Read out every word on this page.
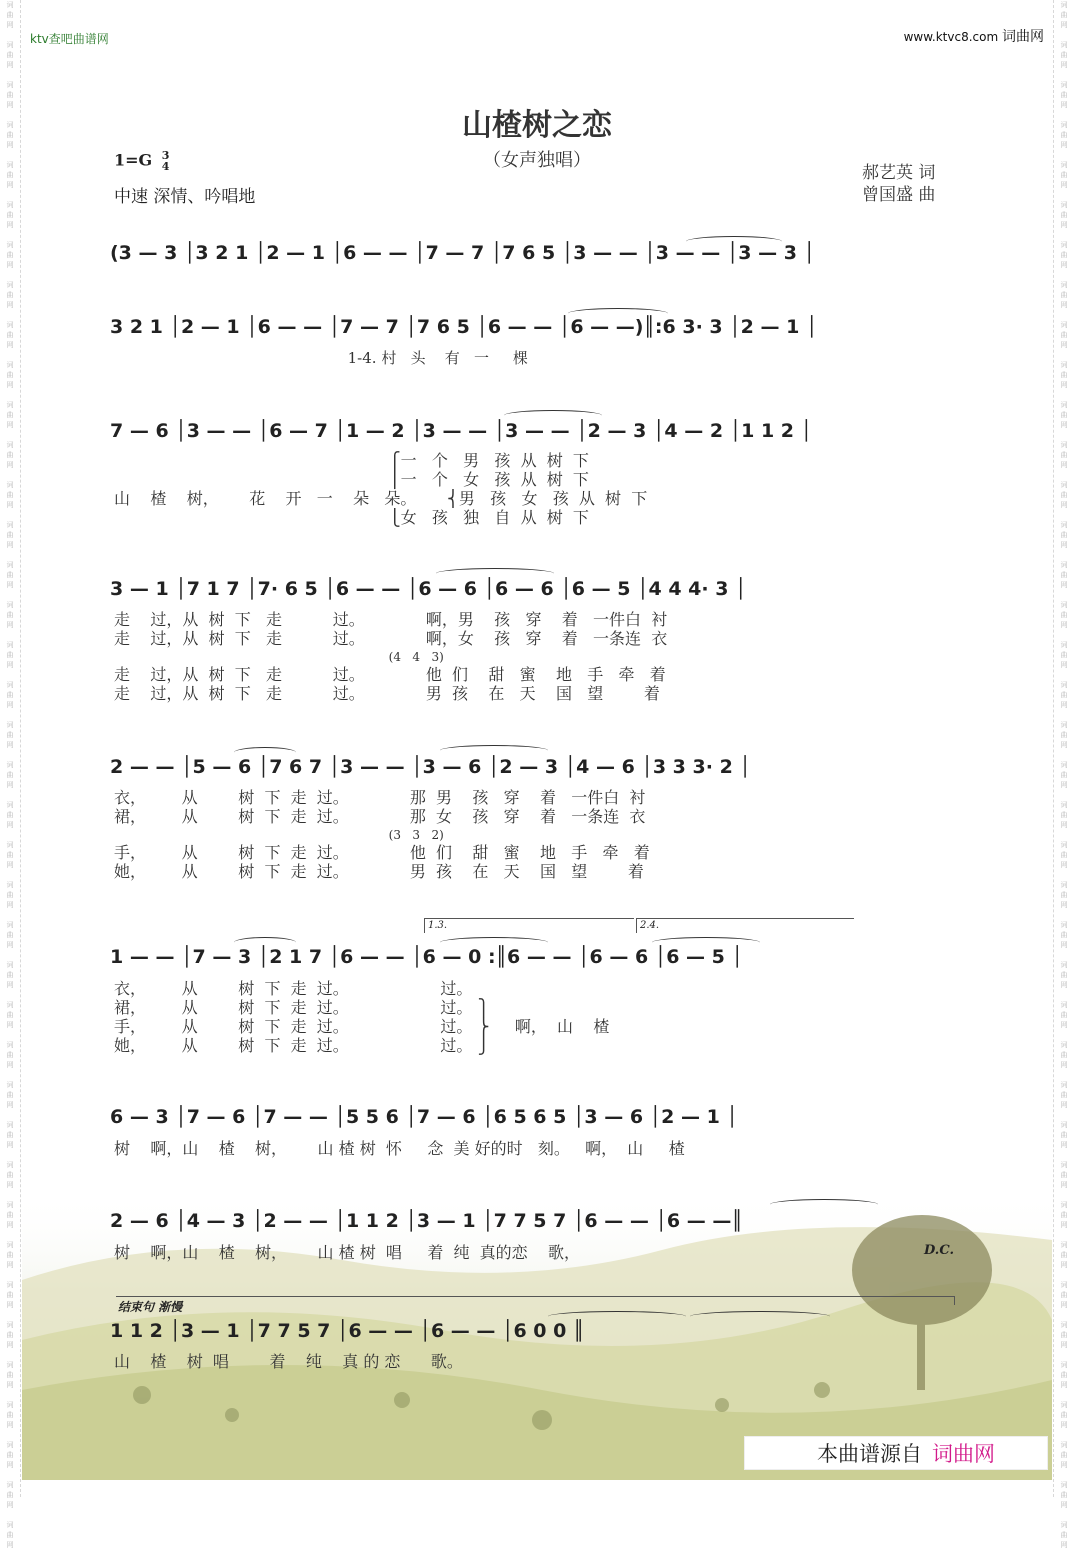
词
曲
网

词
曲
网

词
曲
网

词
曲
网

词
曲
网

词
曲
网

词
曲
网

词
曲
网

词
曲
网

词
曲
网

词
曲
网

词
曲
网

词
曲
网

词
曲
网

词
曲
网

词
曲
网

词
曲
网

词
曲
网

词
曲
网

词
曲
网

词
曲
网

词
曲
网

词
曲
网

词
曲
网

词
曲
网

词
曲
网

词
曲
网

词
曲
网

词
曲
网

词
曲
网

词
曲
网

词
曲
网

词
曲
网

词
曲
网

词
曲
网

词
曲
网

词
曲
网

词
曲
网

词
曲
网
词
曲
网

词
曲
网

词
曲
网

词
曲
网

词
曲
网

词
曲
网

词
曲
网

词
曲
网

词
曲
网

词
曲
网

词
曲
网

词
曲
网

词
曲
网

词
曲
网

词
曲
网

词
曲
网

词
曲
网

词
曲
网

词
曲
网

词
曲
网

词
曲
网

词
曲
网

词
曲
网

词
曲
网

词
曲
网

词
曲
网

词
曲
网

词
曲
网

词
曲
网

词
曲
网

词
曲
网

词
曲
网

词
曲
网

词
曲
网

词
曲
网

词
曲
网

词
曲
网

词
曲
网

词
曲
网
ktv查吧曲谱网	www.ktvc8.com 词曲网
山楂树之恋
（女声独唱）
1=G 3
4
中速 深情、吟唱地
郝艺英 词
曾国盛 曲
(3 — 3 │3 2 1 │2 — 1 │6 — — │7 — 7 │7 6 5 │3 — — │3 — — │3 — 3 │
3 2 1 │2 — 1 │6 — — │7 — 7 │7 6 5 │6 — — │6 — —)║:6 3· 3 │2 — 1 │
1-4. 村   头    有   一     棵
7 — 6 │3 — — │6 — 7 │1 — 2 │3 — — │3 — — │2 — 3 │4 — 2 │1 1 2 │
⎧一   个   男   孩  从  树  下
⎪一   个   女   孩  从  树  下
山    楂    树，      花    开   一    朵   朵。      ⎨男   孩   女   孩  从  树  下
⎩女   孩   独   自  从  树  下
3 — 1 │7 1 7 │7· 6 5 │6 — — │6 — 6 │6 — 6 │6 — 5 │4 4 4· 3 │
走    过，从  树  下   走          过。            啊，男    孩   穿    着   一件白  衬
走    过，从  树  下   走          过。            啊，女    孩   穿    着   一条连  衣
(4   4   3)
走    过，从  树  下   走          过。            他  们    甜   蜜    地   手   牵   着
走    过，从  树  下   走          过。            男  孩    在   天    国   望        着
2 — — │5 — 6 │7 6 7 │3 — — │3 — 6 │2 — 3 │4 — 6 │3 3 3· 2 │
衣，       从        树  下  走  过。            那  男    孩   穿    着   一件白  衬
裙，       从        树  下  走  过。            那  女    孩   穿    着   一条连  衣
(3   3   2)
手，       从        树  下  走  过。            他  们    甜   蜜    地   手   牵   着
她，       从        树  下  走  过。            男  孩    在   天    国   望        着
1.3.	2.4.
1 — — │7 — 3 │2 1 7 │6 — — │6 — 0 :║6 — — │6 — 6 │6 — 5 │
衣，       从        树  下  走  过。                  过。
裙，       从        树  下  走  过。                  过。 ⎫
手，       从        树  下  走  过。                  过。 ⎬     啊，  山    楂
她，       从        树  下  走  过。                  过。 ⎭
6 — 3 │7 — 6 │7 — — │5 5 6 │7 — 6 │6 5 6 5 │3 — 6 │2 — 1 │
树    啊，山    楂    树，      山 楂 树  怀     念  美 好的时   刻。   啊，  山     楂
2 — 6 │4 — 3 │2 — — │1 1 2 │3 — 1 │7 7 5 7 │6 — — │6 — —║
树    啊，山    楂    树，      山 楂 树  唱     着  纯  真的恋    歌，	D.C.
结束句 渐慢
1 1 2 │3 — 1 │7 7 5 7 │6 — — │6 — — │6 0 0 ║
山    楂    树  唱        着    纯    真 的 恋      歌。
本曲谱源自 词曲网
